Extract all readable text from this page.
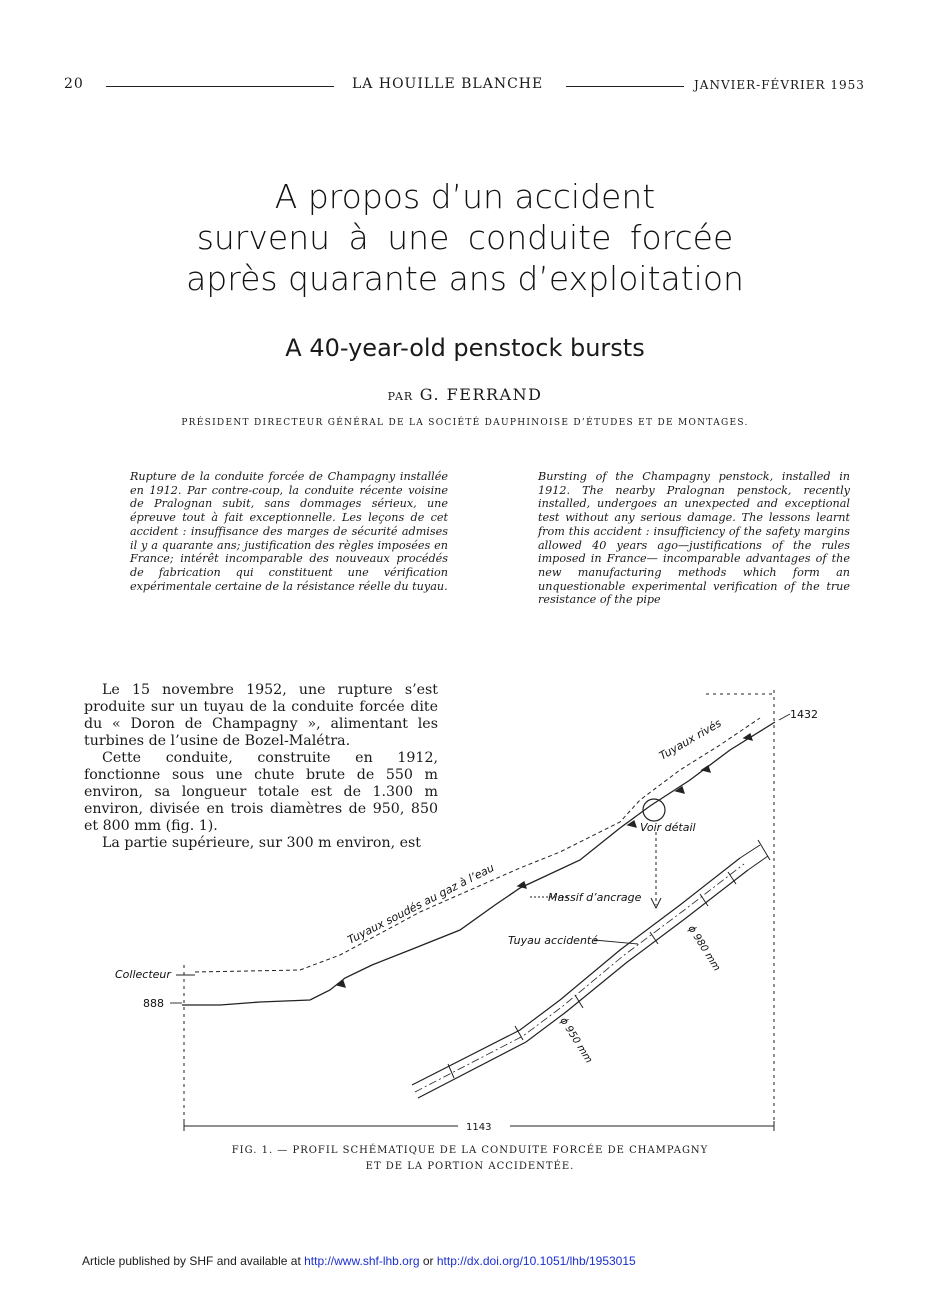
20	LA HOUILLE BLANCHE	JANVIER-FÉVRIER 1953
A propos d’un accident
survenu à une conduite forcée
après quarante ans d’exploitation
A 40-year-old penstock bursts
PAR G. FERRAND
PRÉSIDENT DIRECTEUR GÉNÉRAL DE LA SOCIÉTÉ DAUPHINOISE D’ÉTUDES ET DE MONTAGES.
Rupture de la conduite forcée de Champagny installée en 1912. Par contre-coup, la conduite récente voisine de Pralognan subit, sans dommages sérieux, une épreuve tout à fait exceptionnelle. Les leçons de cet accident : insuffisance des marges de sécurité admises il y a quarante ans; justification des règles imposées en France; intérêt incomparable des nouveaux procédés de fabrication qui constituent une vérification expérimentale certaine de la résistance réelle du tuyau.
Bursting of the Champagny penstock, installed in 1912. The nearby Pralognan penstock, recently installed, undergoes an unexpected and exceptional test without any serious damage. The lessons learnt from this accident : insufficiency of the safety margins allowed 40 years ago—justifications of the rules imposed in France— incomparable advantages of the new manufacturing methods which form an unquestionable experimental verification of the true resistance of the pipe

Le 15 novembre 1952, une rupture s’est produite sur un tuyau de la conduite forcée dite du « Doron de Champagny », alimentant les turbines de l’usine de Bozel-Malétra.

Cette conduite, construite en 1912, fonctionne sous une chute brute de 550 m environ, sa longueur totale est de 1.300 m environ, divisée en trois diamètres de 950, 850 et 800 mm (fig. 1).

La partie supérieure, sur 300 m environ, est

1432
888
Collecteur
Tuyaux rivés
Tuyaux soudés au gaz à l’eau
Voir détail
Massif d’ancrage
Tuyau accidenté	ϕ 980 mm
ϕ 950 mm
1143
FIG. 1. — PROFIL SCHÉMATIQUE DE LA CONDUITE FORCÉE DE CHAMPAGNY
ET DE LA PORTION ACCIDENTÉE.
Article published by SHF and available at http://www.shf-lhb.org or http://dx.doi.org/10.1051/lhb/1953015
